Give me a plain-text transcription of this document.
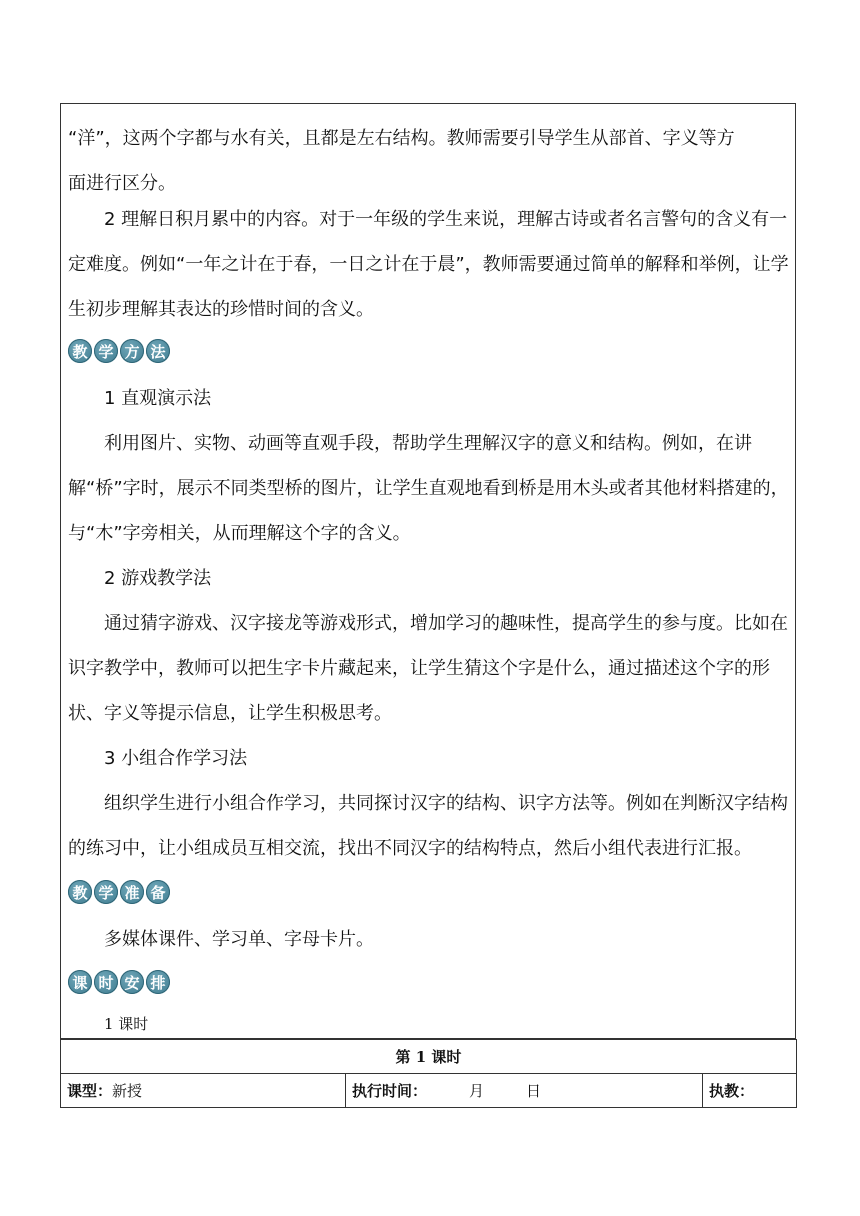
“洋”，这两个字都与水有关，且都是左右结构。教师需要引导学生从部首、字义等方
面进行区分。

2 理解日积月累中的内容。对于一年级的学生来说，理解古诗或者名言警句的含义有一定难度。例如“一年之计在于春，一日之计在于晨”，教师需要通过简单的解释和举例，让学生初步理解其表达的珍惜时间的含义。

教 学 方 法

1 直观演示法

利用图片、实物、动画等直观手段，帮助学生理解汉字的意义和结构。例如，在讲解“桥”字时，展示不同类型桥的图片，让学生直观地看到桥是用木头或者其他材料搭建的，与“木”字旁相关，从而理解这个字的含义。

2 游戏教学法

通过猜字游戏、汉字接龙等游戏形式，增加学习的趣味性，提高学生的参与度。比如在识字教学中，教师可以把生字卡片藏起来，让学生猜这个字是什么，通过描述这个字的形状、字义等提示信息，让学生积极思考。

3 小组合作学习法

组织学生进行小组合作学习，共同探讨汉字的结构、识字方法等。例如在判断汉字结构的练习中，让小组成员互相交流，找出不同汉字的结构特点，然后小组代表进行汇报。

教 学 准 备

多媒体课件、学习单、字母卡片。

课 时 安 排
1 课时
第 1 课时
课型：新授	执行时间：	月	日	执教：
